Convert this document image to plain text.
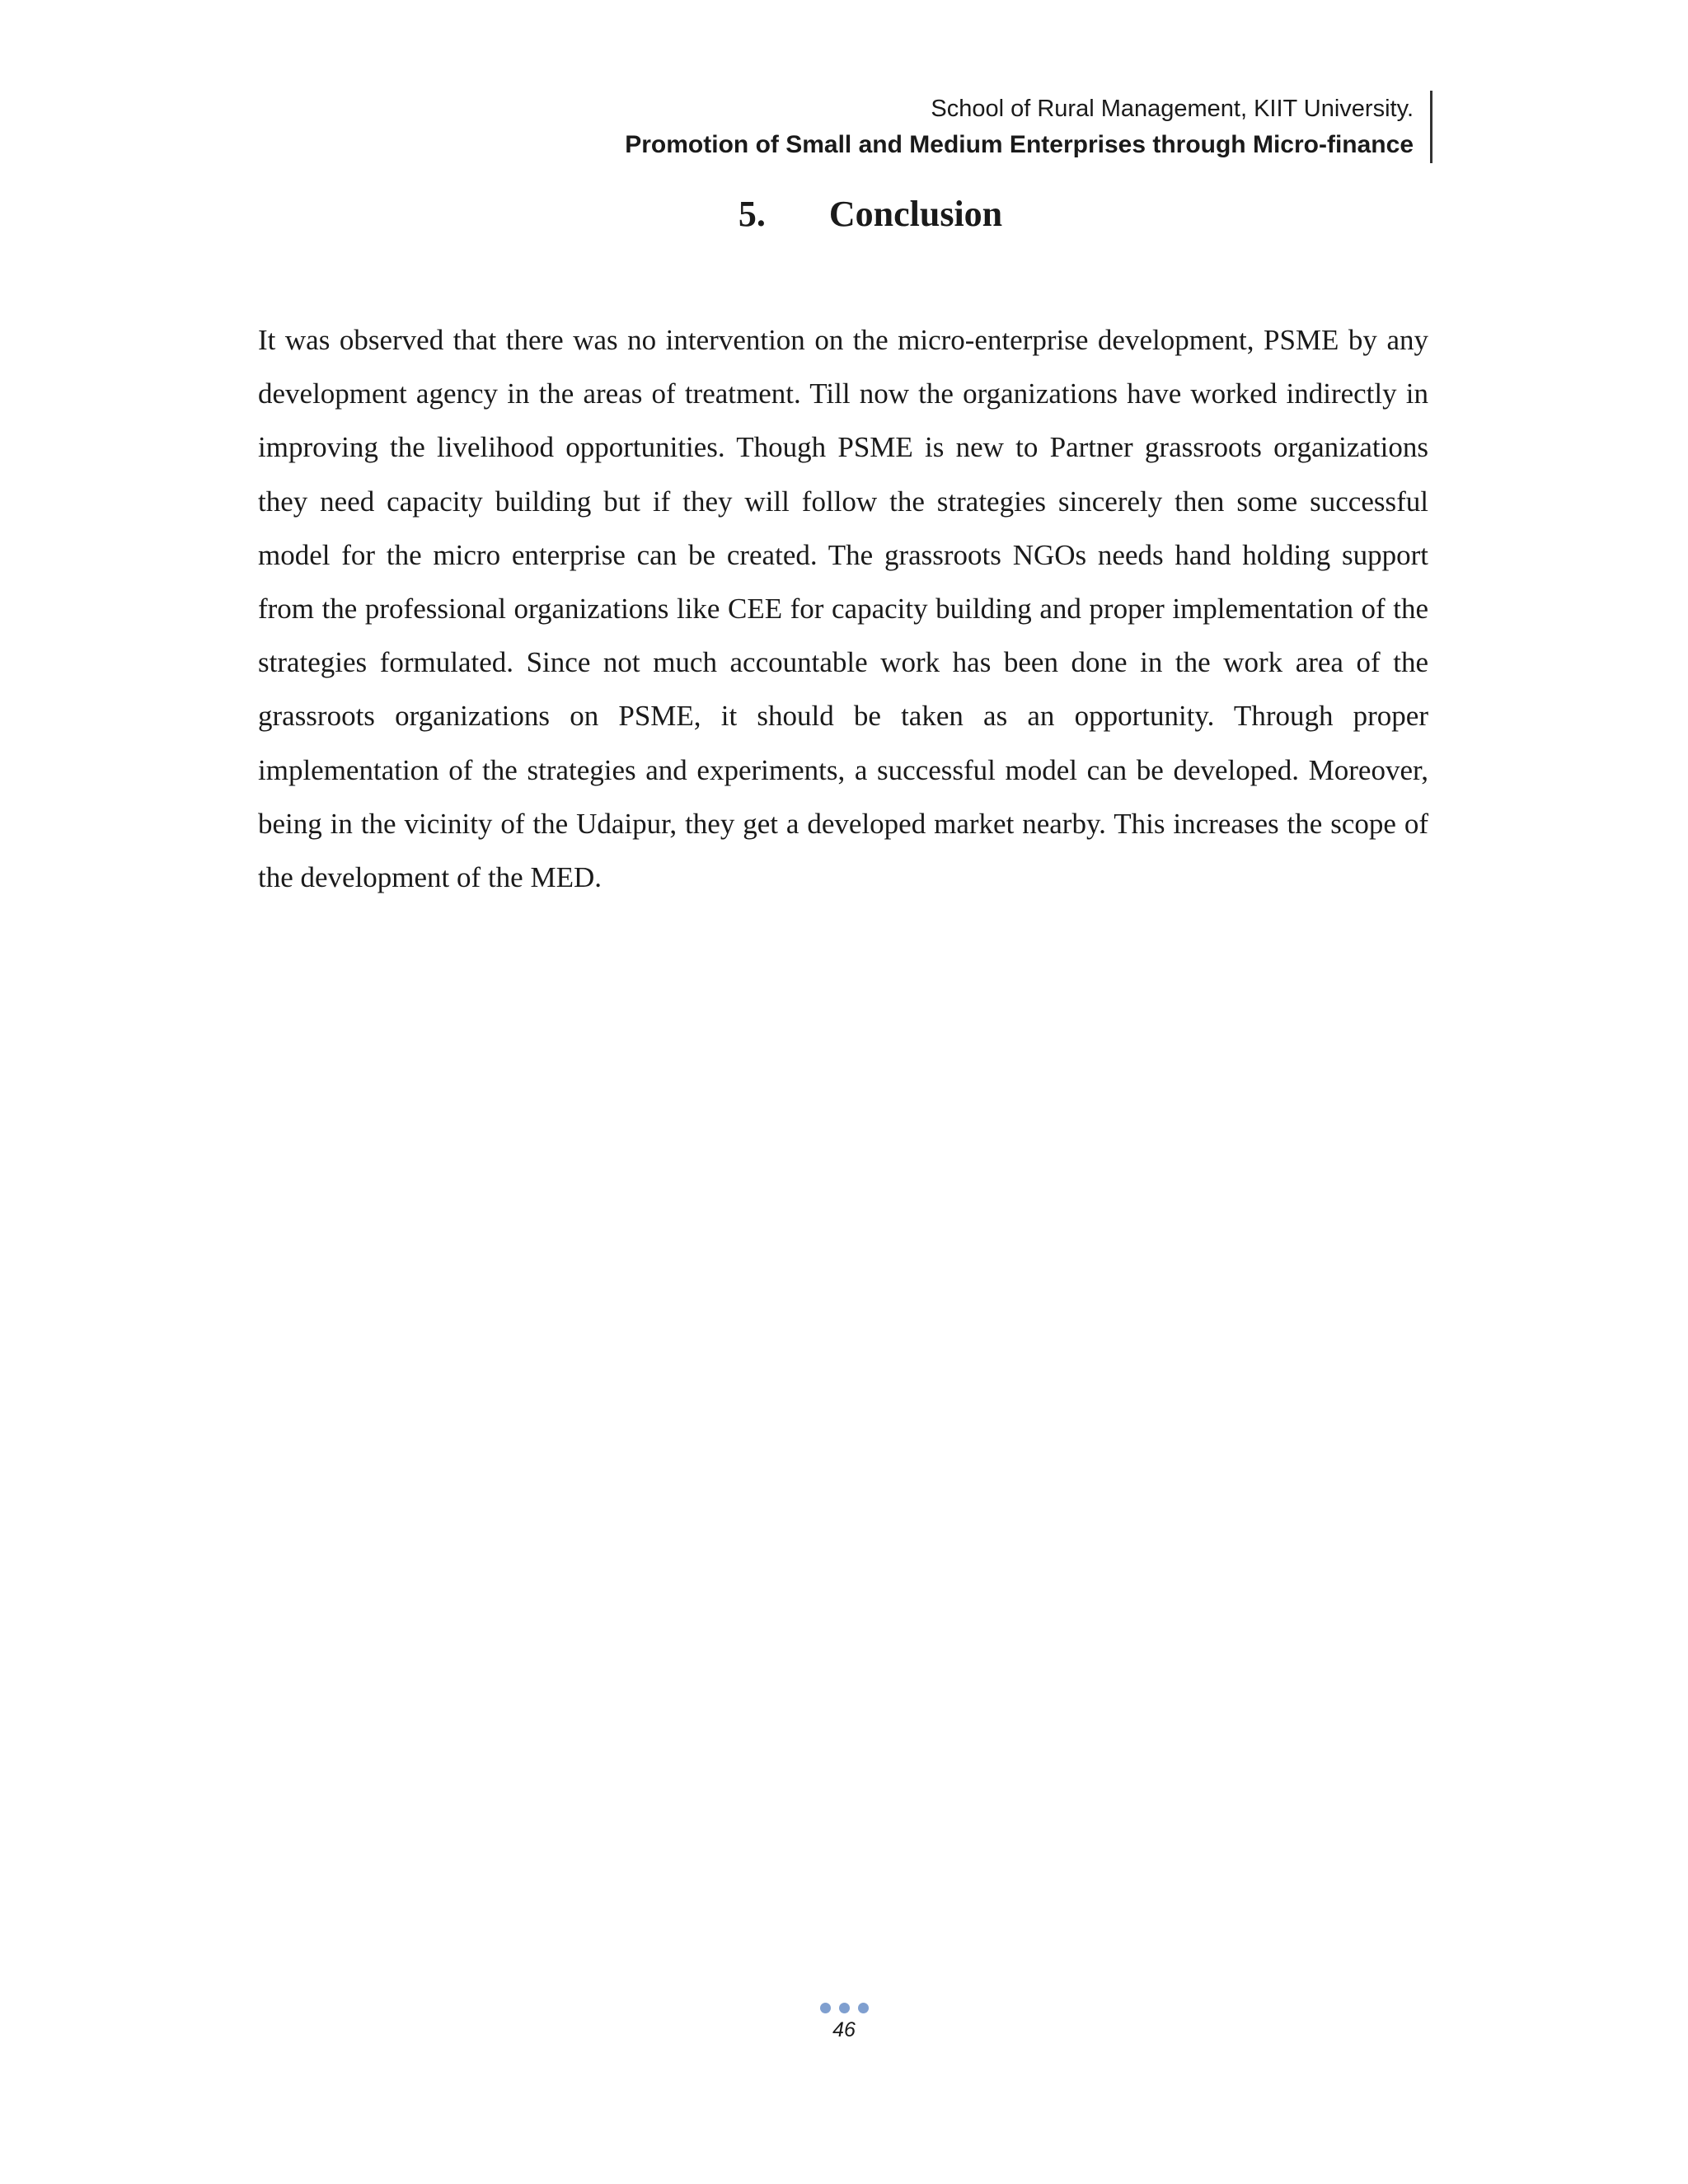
School of Rural Management, KIIT University.
Promotion of Small and Medium Enterprises through Micro-finance
5. Conclusion

It was observed that there was no intervention on the micro-enterprise development, PSME by any development agency in the areas of treatment. Till now the organizations have worked indirectly in improving the livelihood opportunities. Though PSME is new to Partner grassroots organizations they need capacity building but if they will follow the strategies sincerely then some successful model for the micro enterprise can be created. The grassroots NGOs needs hand holding support from the professional organizations like CEE for capacity building and proper implementation of the strategies formulated. Since not much accountable work has been done in the work area of the grassroots organizations on PSME, it should be taken as an opportunity. Through proper implementation of the strategies and experiments, a successful model can be developed. Moreover, being in the vicinity of the Udaipur, they get a developed market nearby. This increases the scope of the development of the MED.

46
